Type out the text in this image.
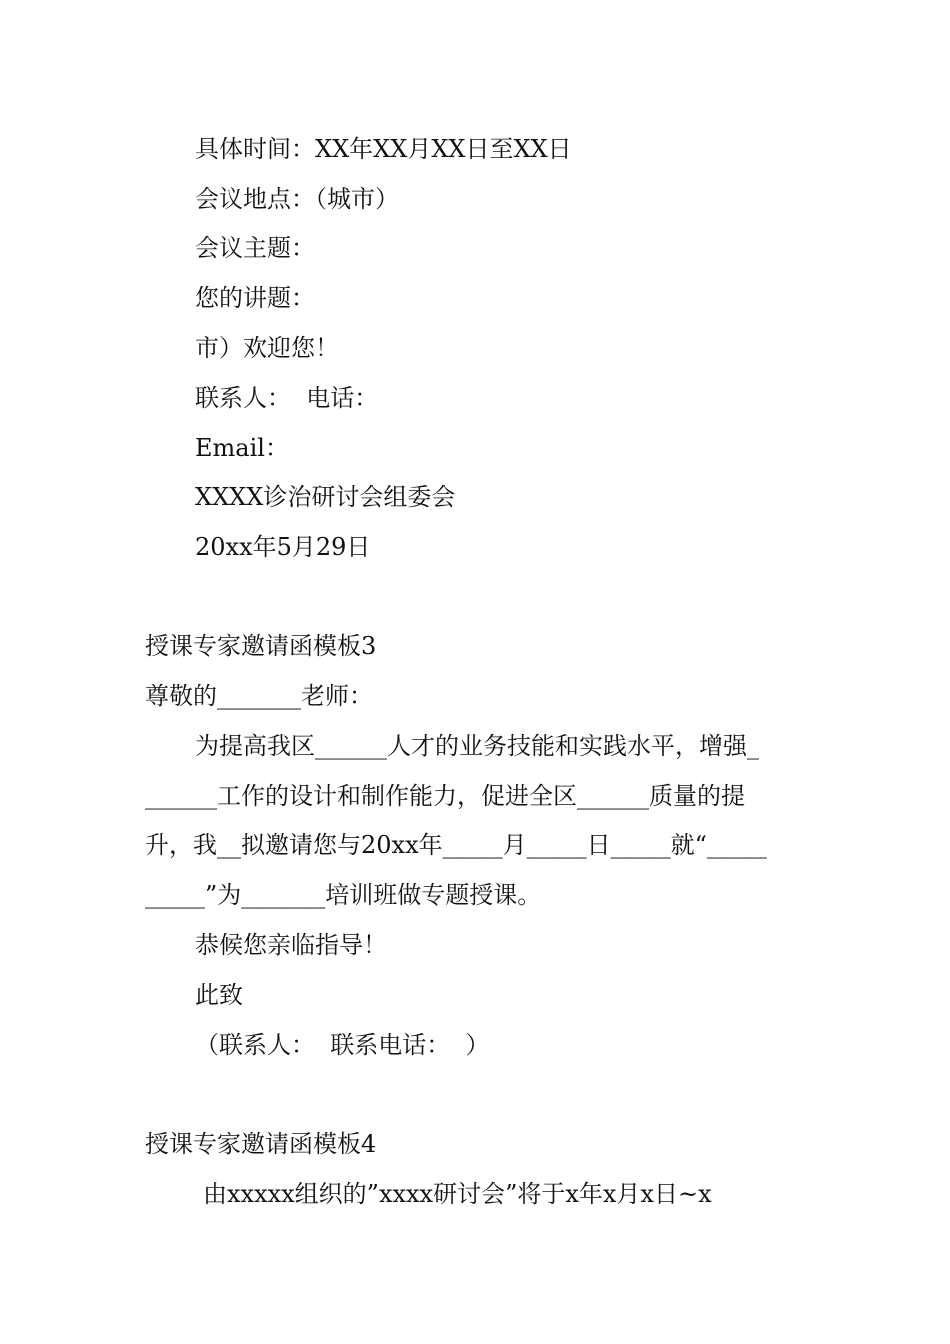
具体时间：XX年XX月XX日至XX日
会议地点：（城市）
会议主题：
您的讲题：
市）欢迎您！
联系人：  电话：
Email：
XXXX诊治研讨会组委会
20xx年5月29日
授课专家邀请函模板3
尊敬的_______老师：
为提高我区______人才的业务技能和实践水平，增强_
______工作的设计和制作能力，促进全区______质量的提
升，我__拟邀请您与20xx年_____月_____日_____就“_____
_____”为_______培训班做专题授课。
恭候您亲临指导！
此致
（联系人：  联系电话：  ）
授课专家邀请函模板4
由xxxxx组织的”xxxx研讨会”将于x年x月x日~x
